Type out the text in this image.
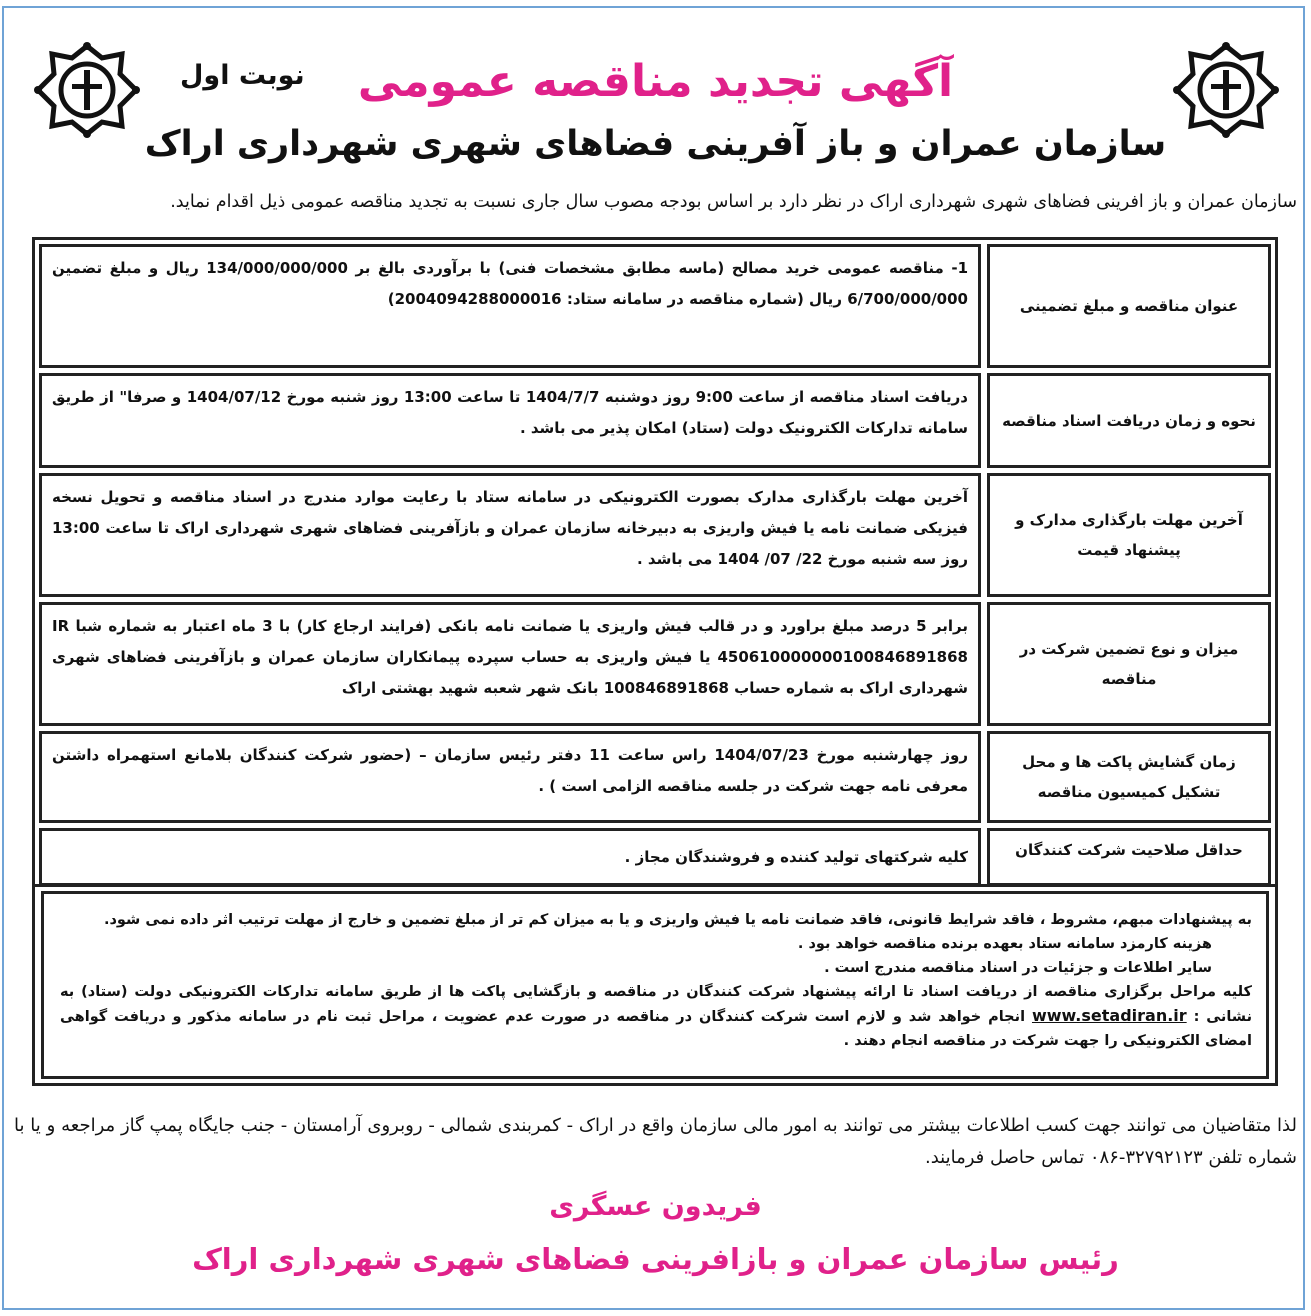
نوبت اول	آگهی تجدید مناقصه عمومی
سازمان عمران و باز آفرینی فضاهای شهری شهرداری اراک
سازمان عمران و باز افرینی فضاهای شهری شهرداری اراک در نظر دارد بر اساس بودجه مصوب سال جاری نسبت به تجدید مناقصه عمومی ذیل اقدام نماید.
عنوان مناقصه و مبلغ تضمینی
1- مناقصه عمومی خرید مصالح (ماسه مطابق مشخصات فنی) با برآوردی بالغ بر 134/000/000/000 ریال و مبلغ تضمین 6/700/000/000 ریال (شماره مناقصه در سامانه ستاد: 2004094288000016)
نحوه و زمان دریافت اسناد مناقصه
دریافت اسناد مناقصه از ساعت 9:00 روز دوشنبه 1404/7/7 تا ساعت 13:00 روز شنبه مورخ 1404/07/12 و صرفا" از طریق سامانه تدارکات الکترونیک دولت (ستاد) امکان پذیر می باشد .
آخرین مهلت بارگذاری مدارک و پیشنهاد قیمت
آخرین مهلت بارگذاری مدارک بصورت الکترونیکی در سامانه ستاد با رعایت موارد مندرج در اسناد مناقصه و تحویل نسخه فیزیکی ضمانت نامه یا فیش واریزی به دبیرخانه سازمان عمران و بازآفرینی فضاهای شهری شهرداری اراک تا ساعت 13:00 روز سه شنبه مورخ 22/ 07/ 1404 می باشد .
میزان و نوع تضمین شرکت در مناقصه
برابر 5 درصد مبلغ براورد و در قالب فیش واریزی یا ضمانت نامه بانکی (فرایند ارجاع کار) با 3 ماه اعتبار به شماره شبا IR 450610000000100846891868 یا فیش واریزی به حساب سپرده پیمانکاران سازمان عمران و بازآفرینی فضاهای شهری شهرداری اراک به شماره حساب 100846891868 بانک شهر شعبه شهید بهشتی اراک
زمان گشایش پاکت ها و محل تشکیل کمیسیون مناقصه
روز چهارشنبه مورخ 1404/07/23 راس ساعت 11 دفتر رئیس سازمان – (حضور شرکت کنندگان بلامانع استهمراه داشتن معرفی نامه جهت شرکت در جلسه مناقصه الزامی است ) .
حداقل صلاحیت شرکت کنندگان
کلیه شرکتهای تولید کننده و فروشندگان مجاز .

به پیشنهادات مبهم، مشروط ، فاقد شرایط قانونی، فاقد ضمانت نامه یا فیش واریزی و یا به میزان کم تر از مبلغ تضمین و خارج از مهلت ترتیب اثر داده نمی شود.

هزینه کارمزد سامانه ستاد بعهده برنده مناقصه خواهد بود .

سایر اطلاعات و جزئیات در اسناد مناقصه مندرج است .

کلیه مراحل برگزاری مناقصه از دریافت اسناد تا ارائه پیشنهاد شرکت کنندگان در مناقصه و بازگشایی پاکت ها از طریق سامانه تدارکات الکترونیکی دولت (ستاد) به نشانی : www.setadiran.ir انجام خواهد شد و لازم است شرکت کنندگان در مناقصه در صورت عدم عضویت ، مراحل ثبت نام در سامانه مذکور و دریافت گواهی امضای الکترونیکی را جهت شرکت در مناقصه انجام دهند .

لذا متقاضیان می توانند جهت کسب اطلاعات بیشتر می توانند به امور مالی سازمان واقع در اراک - کمربندی شمالی - روبروی آرامستان - جنب جایگاه پمپ گاز مراجعه و یا با شماره تلفن ۳۲۷۹۲۱۲۳-۰۸۶ تماس حاصل فرمایند.
فریدون عسگری
رئیس سازمان عمران و بازافرینی فضاهای شهری شهرداری اراک
